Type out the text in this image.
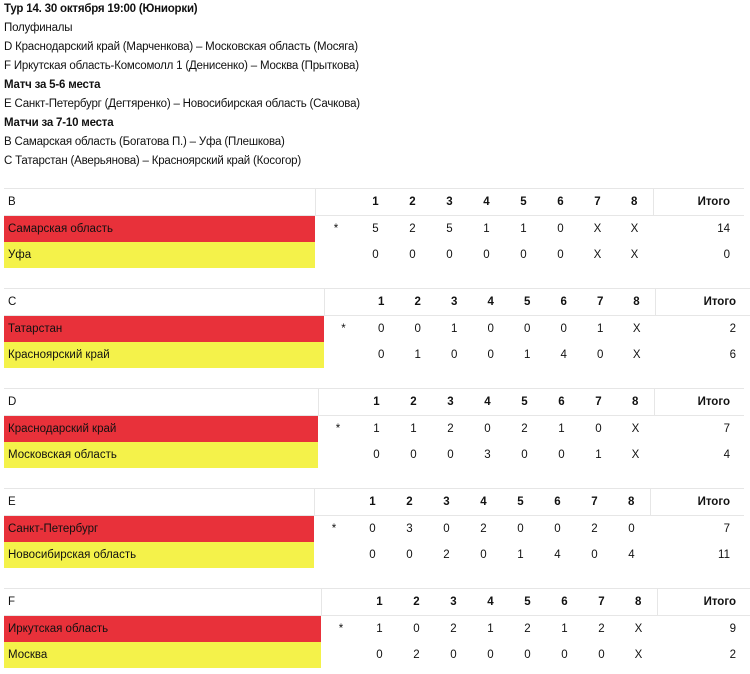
Тур 14. 30 октября 19:00 (Юниорки)
Полуфиналы
D Краснодарский край (Марченкова) – Московская область (Мосяга)
F Иркутская область-Комсомолл 1 (Денисенко) – Москва (Прыткова)
Матч за 5-6 места
E Санкт-Петербург (Дегтяренко) – Новосибирская область (Сачкова)
Матчи за 7-10 места
B Самарская область (Богатова П.) – Уфа (Плешкова)
C Татарстан (Аверьянова) – Красноярский край (Косогор)
B		1	2	3	4	5	6	7	8	Итого
Самарская область	*	5	2	5	1	1	0	X	X	14
Уфа		0	0	0	0	0	0	X	X	0
C		1	2	3	4	5	6	7	8	Итого
Татарстан	*	0	0	1	0	0	0	1	X	2
Красноярский край		0	1	0	0	1	4	0	X	6
D		1	2	3	4	5	6	7	8	Итого
Краснодарский край	*	1	1	2	0	2	1	0	X	7
Московская область		0	0	0	3	0	0	1	X	4
E		1	2	3	4	5	6	7	8	Итого
Санкт-Петербург	*	0	3	0	2	0	0	2	0	7
Новосибирская область		0	0	2	0	1	4	0	4	11
F		1	2	3	4	5	6	7	8	Итого
Иркутская область	*	1	0	2	1	2	1	2	X	9
Москва		0	2	0	0	0	0	0	X	2
